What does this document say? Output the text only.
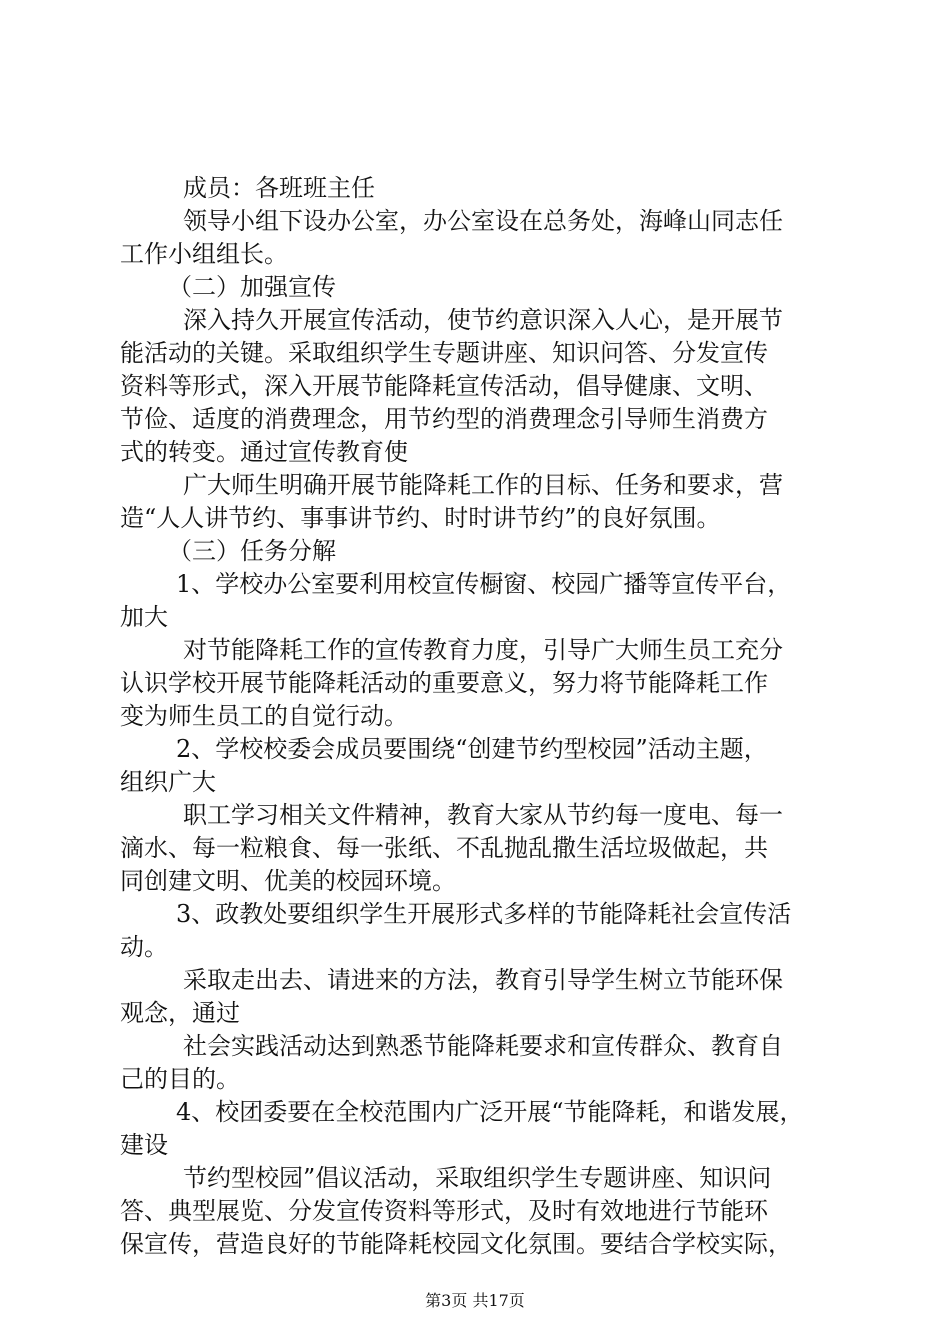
成员：各班班主任

领导小组下设办公室，办公室设在总务处，海峰山同志任

工作小组组长。

（二）加强宣传

深入持久开展宣传活动，使节约意识深入人心，是开展节

能活动的关键。采取组织学生专题讲座、知识问答、分发宣传

资料等形式，深入开展节能降耗宣传活动，倡导健康、文明、

节俭、适度的消费理念，用节约型的消费理念引导师生消费方

式的转变。通过宣传教育使

广大师生明确开展节能降耗工作的目标、任务和要求，营

造“人人讲节约、事事讲节约、时时讲节约”的良好氛围。

（三）任务分解

1、学校办公室要利用校宣传橱窗、校园广播等宣传平台，

加大

对节能降耗工作的宣传教育力度，引导广大师生员工充分

认识学校开展节能降耗活动的重要意义，努力将节能降耗工作

变为师生员工的自觉行动。

2、学校校委会成员要围绕“创建节约型校园”活动主题，

组织广大

职工学习相关文件精神，教育大家从节约每一度电、每一

滴水、每一粒粮食、每一张纸、不乱抛乱撒生活垃圾做起，共

同创建文明、优美的校园环境。

3、政教处要组织学生开展形式多样的节能降耗社会宣传活

动。

采取走出去、请进来的方法，教育引导学生树立节能环保

观念，通过

社会实践活动达到熟悉节能降耗要求和宣传群众、教育自

己的目的。

4、校团委要在全校范围内广泛开展“节能降耗，和谐发展，

建设

节约型校园”倡议活动，采取组织学生专题讲座、知识问

答、典型展览、分发宣传资料等形式，及时有效地进行节能环

保宣传，营造良好的节能降耗校园文化氛围。要结合学校实际，

第3页 共17页
